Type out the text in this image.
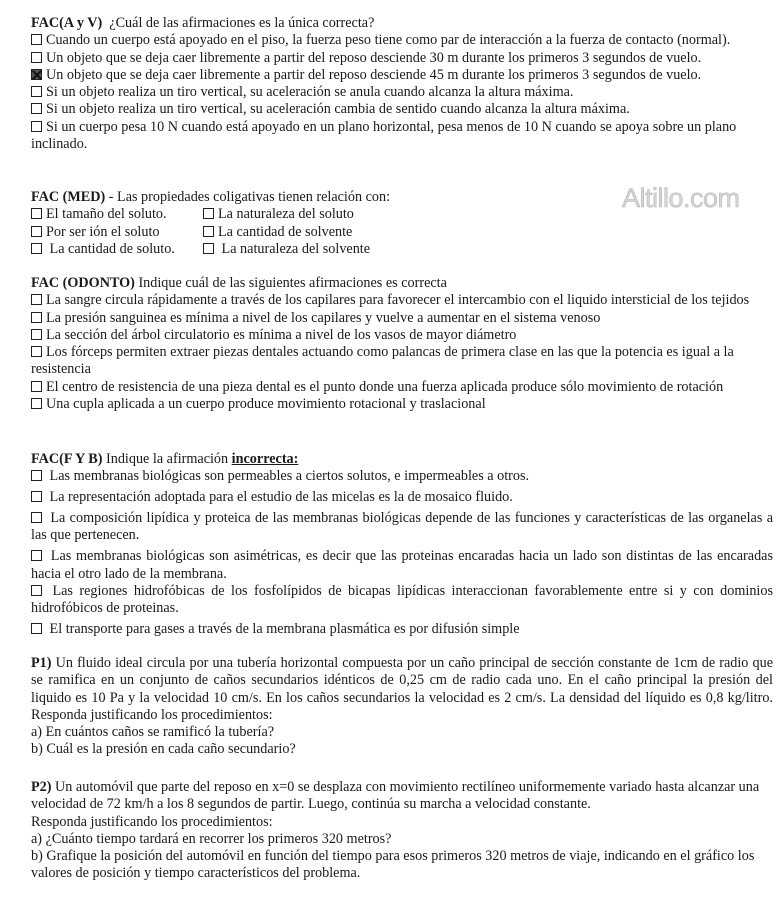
Altillo.com

FAC(A y V) ¿Cuál de las afirmaciones es la única correcta?

Cuando un cuerpo está apoyado en el piso, la fuerza peso tiene como par de interacción a la fuerza de contacto (normal).

Un objeto que se deja caer libremente a partir del reposo desciende 30 m durante los primeros 3 segundos de vuelo.

Un objeto que se deja caer libremente a partir del reposo desciende 45 m durante los primeros 3 segundos de vuelo.

Si un objeto realiza un tiro vertical, su aceleración se anula cuando alcanza la altura máxima.

Si un objeto realiza un tiro vertical, su aceleración cambia de sentido cuando alcanza la altura máxima.

Si un cuerpo pesa 10 N cuando está apoyado en un plano horizontal, pesa menos de 10 N cuando se apoya sobre un plano inclinado.

FAC (MED) - Las propiedades coligativas tienen relación con:

El tamaño del soluto.	La naturaleza del soluto
Por ser ión el soluto	La cantidad de solvente
La cantidad de soluto.	La naturaleza del solvente

FAC (ODONTO) Indique cuál de las siguientes afirmaciones es correcta

La sangre circula rápidamente a través de los capilares para favorecer el intercambio con el liquido intersticial de los tejidos

La presión sanguinea es mínima a nivel de los capilares y vuelve a aumentar en el sistema venoso

La sección del árbol circulatorio es mínima a nivel de los vasos de mayor diámetro

Los fórceps permiten extraer piezas dentales actuando como palancas de primera clase en las que la potencia es igual a la resistencia

El centro de resistencia de una pieza dental es el punto donde una fuerza aplicada produce sólo movimiento de rotación

Una cupla aplicada a un cuerpo produce movimiento rotacional y traslacional

FAC(F Y B) Indique la afirmación incorrecta:

Las membranas biológicas son permeables a ciertos solutos, e impermeables a otros.

La representación adoptada para el estudio de las micelas es la de mosaico fluido.

La composición lipídica y proteica de las membranas biológicas depende de las funciones y características de las organelas a las que pertenecen.

Las membranas biológicas son asimétricas, es decir que las proteinas encaradas hacia un lado son distintas de las encaradas hacia el otro lado de la membrana.

Las regiones hidrofóbicas de los fosfolípidos de bicapas lipídicas interaccionan favorablemente entre si y con dominios hidrofóbicos de proteinas.

El transporte para gases a través de la membrana plasmática es por difusión simple

P1) Un fluido ideal circula por una tubería horizontal compuesta por un caño principal de sección constante de 1cm de radio que se ramifica en un conjunto de caños secundarios idénticos de 0,25 cm de radio cada uno. En el caño principal la presión del liquido es 10 Pa y la velocidad 10 cm/s. En los caños secundarios la velocidad es 2 cm/s. La densidad del líquido es 0,8 kg/litro. Responda justificando los procedimientos:

a) En cuántos caños se ramificó la tubería?

b) Cuál es la presión en cada caño secundario?

P2) Un automóvil que parte del reposo en x=0 se desplaza con movimiento rectilíneo uniformemente variado hasta alcanzar una velocidad de 72 km/h a los 8 segundos de partir. Luego, continúa su marcha a velocidad constante.

Responda justificando los procedimientos:

a) ¿Cuánto tiempo tardará en recorrer los primeros 320 metros?

b) Grafique la posición del automóvil en función del tiempo para esos primeros 320 metros de viaje, indicando en el gráfico los valores de posición y tiempo característicos del problema.
